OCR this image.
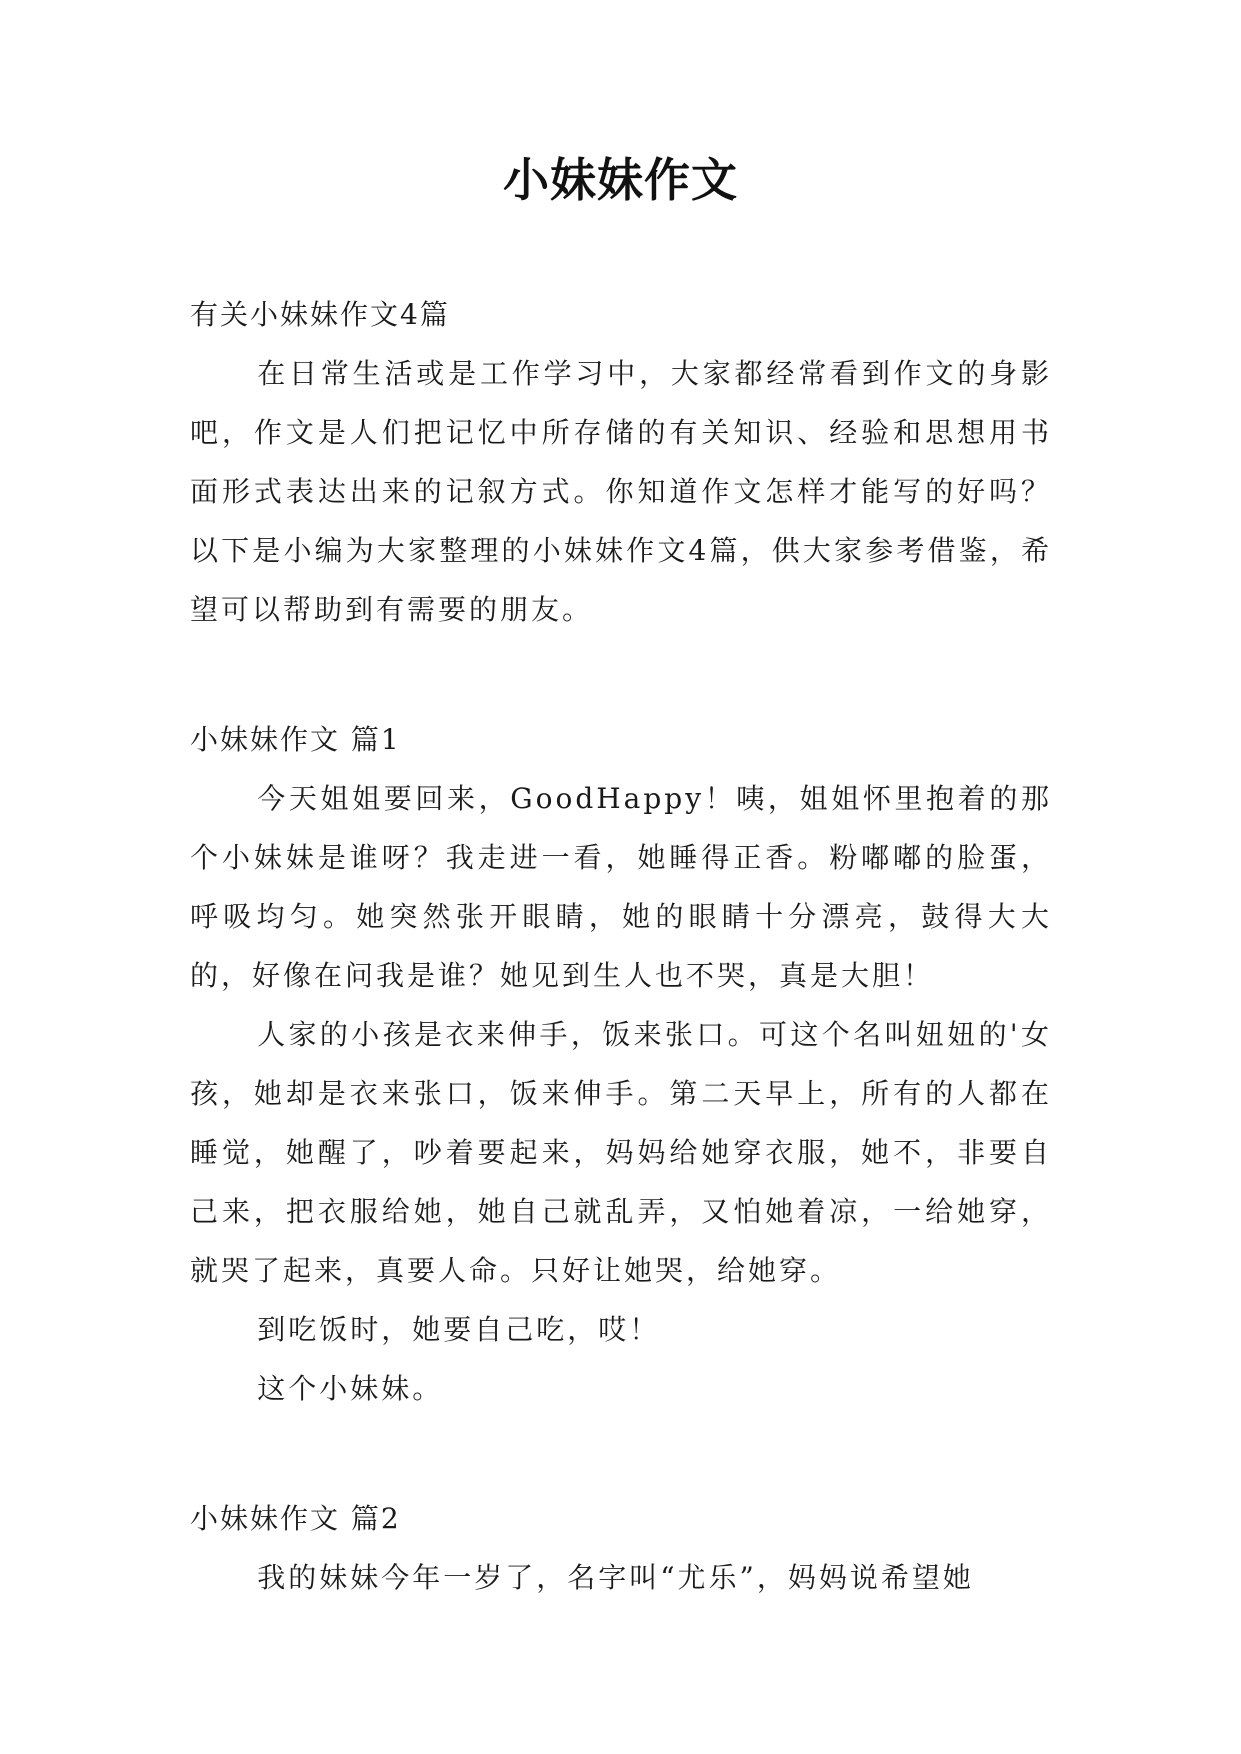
小妹妹作文
有关小妹妹作文4篇

在日常生活或是工作学习中，大家都经常看到作文的身影吧，作文是人们把记忆中所存储的有关知识、经验和思想用书面形式表达出来的记叙方式。你知道作文怎样才能写的好吗？以下是小编为大家整理的小妹妹作文4篇，供大家参考借鉴，希望可以帮助到有需要的朋友。

小妹妹作文 篇1

今天姐姐要回来，GoodHappy！咦，姐姐怀里抱着的那个小妹妹是谁呀？我走进一看，她睡得正香。粉嘟嘟的脸蛋，呼吸均匀。她突然张开眼睛，她的眼睛十分漂亮，鼓得大大的，好像在问我是谁？她见到生人也不哭，真是大胆！

人家的小孩是衣来伸手，饭来张口。可这个名叫妞妞的'女孩，她却是衣来张口，饭来伸手。第二天早上，所有的人都在睡觉，她醒了，吵着要起来，妈妈给她穿衣服，她不，非要自己来，把衣服给她，她自己就乱弄，又怕她着凉，一给她穿，就哭了起来，真要人命。只好让她哭，给她穿。

到吃饭时，她要自己吃，哎！

这个小妹妹。

小妹妹作文 篇2

我的妹妹今年一岁了，名字叫“尤乐”，妈妈说希望她
